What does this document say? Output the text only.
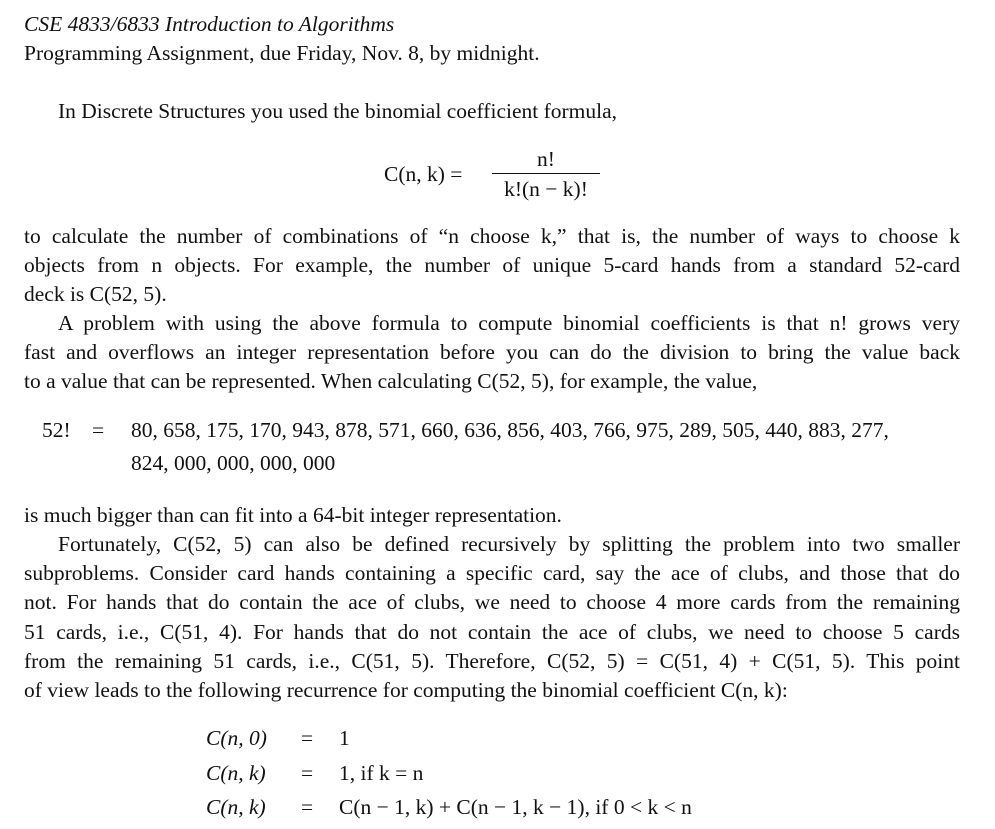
CSE 4833/6833 Introduction to Algorithms
Programming Assignment, due Friday, Nov. 8, by midnight.
In Discrete Structures you used the binomial coefficient formula,
C(n, k) =
n!
k!(n − k)!
to calculate the number of combinations of “n choose k,” that is, the number of ways to choose k
objects from n objects. For example, the number of unique 5-card hands from a standard 52-card
deck is C(52, 5).
A problem with using the above formula to compute binomial coefficients is that n! grows very
fast and overflows an integer representation before you can do the division to bring the value back
to a value that can be represented. When calculating C(52, 5), for example, the value,
52! = 80, 658, 175, 170, 943, 878, 571, 660, 636, 856, 403, 766, 975, 289, 505, 440, 883, 277,
824, 000, 000, 000, 000
is much bigger than can fit into a 64-bit integer representation.
Fortunately, C(52, 5) can also be defined recursively by splitting the problem into two smaller
subproblems. Consider card hands containing a specific card, say the ace of clubs, and those that do
not. For hands that do contain the ace of clubs, we need to choose 4 more cards from the remaining
51 cards, i.e., C(51, 4). For hands that do not contain the ace of clubs, we need to choose 5 cards
from the remaining 51 cards, i.e., C(51, 5). Therefore, C(52, 5) = C(51, 4) + C(51, 5). This point
of view leads to the following recurrence for computing the binomial coefficient C(n, k):
C(n, 0) = 1
C(n, k) = 1, if k = n
C(n, k) = C(n − 1, k) + C(n − 1, k − 1), if 0 < k < n
